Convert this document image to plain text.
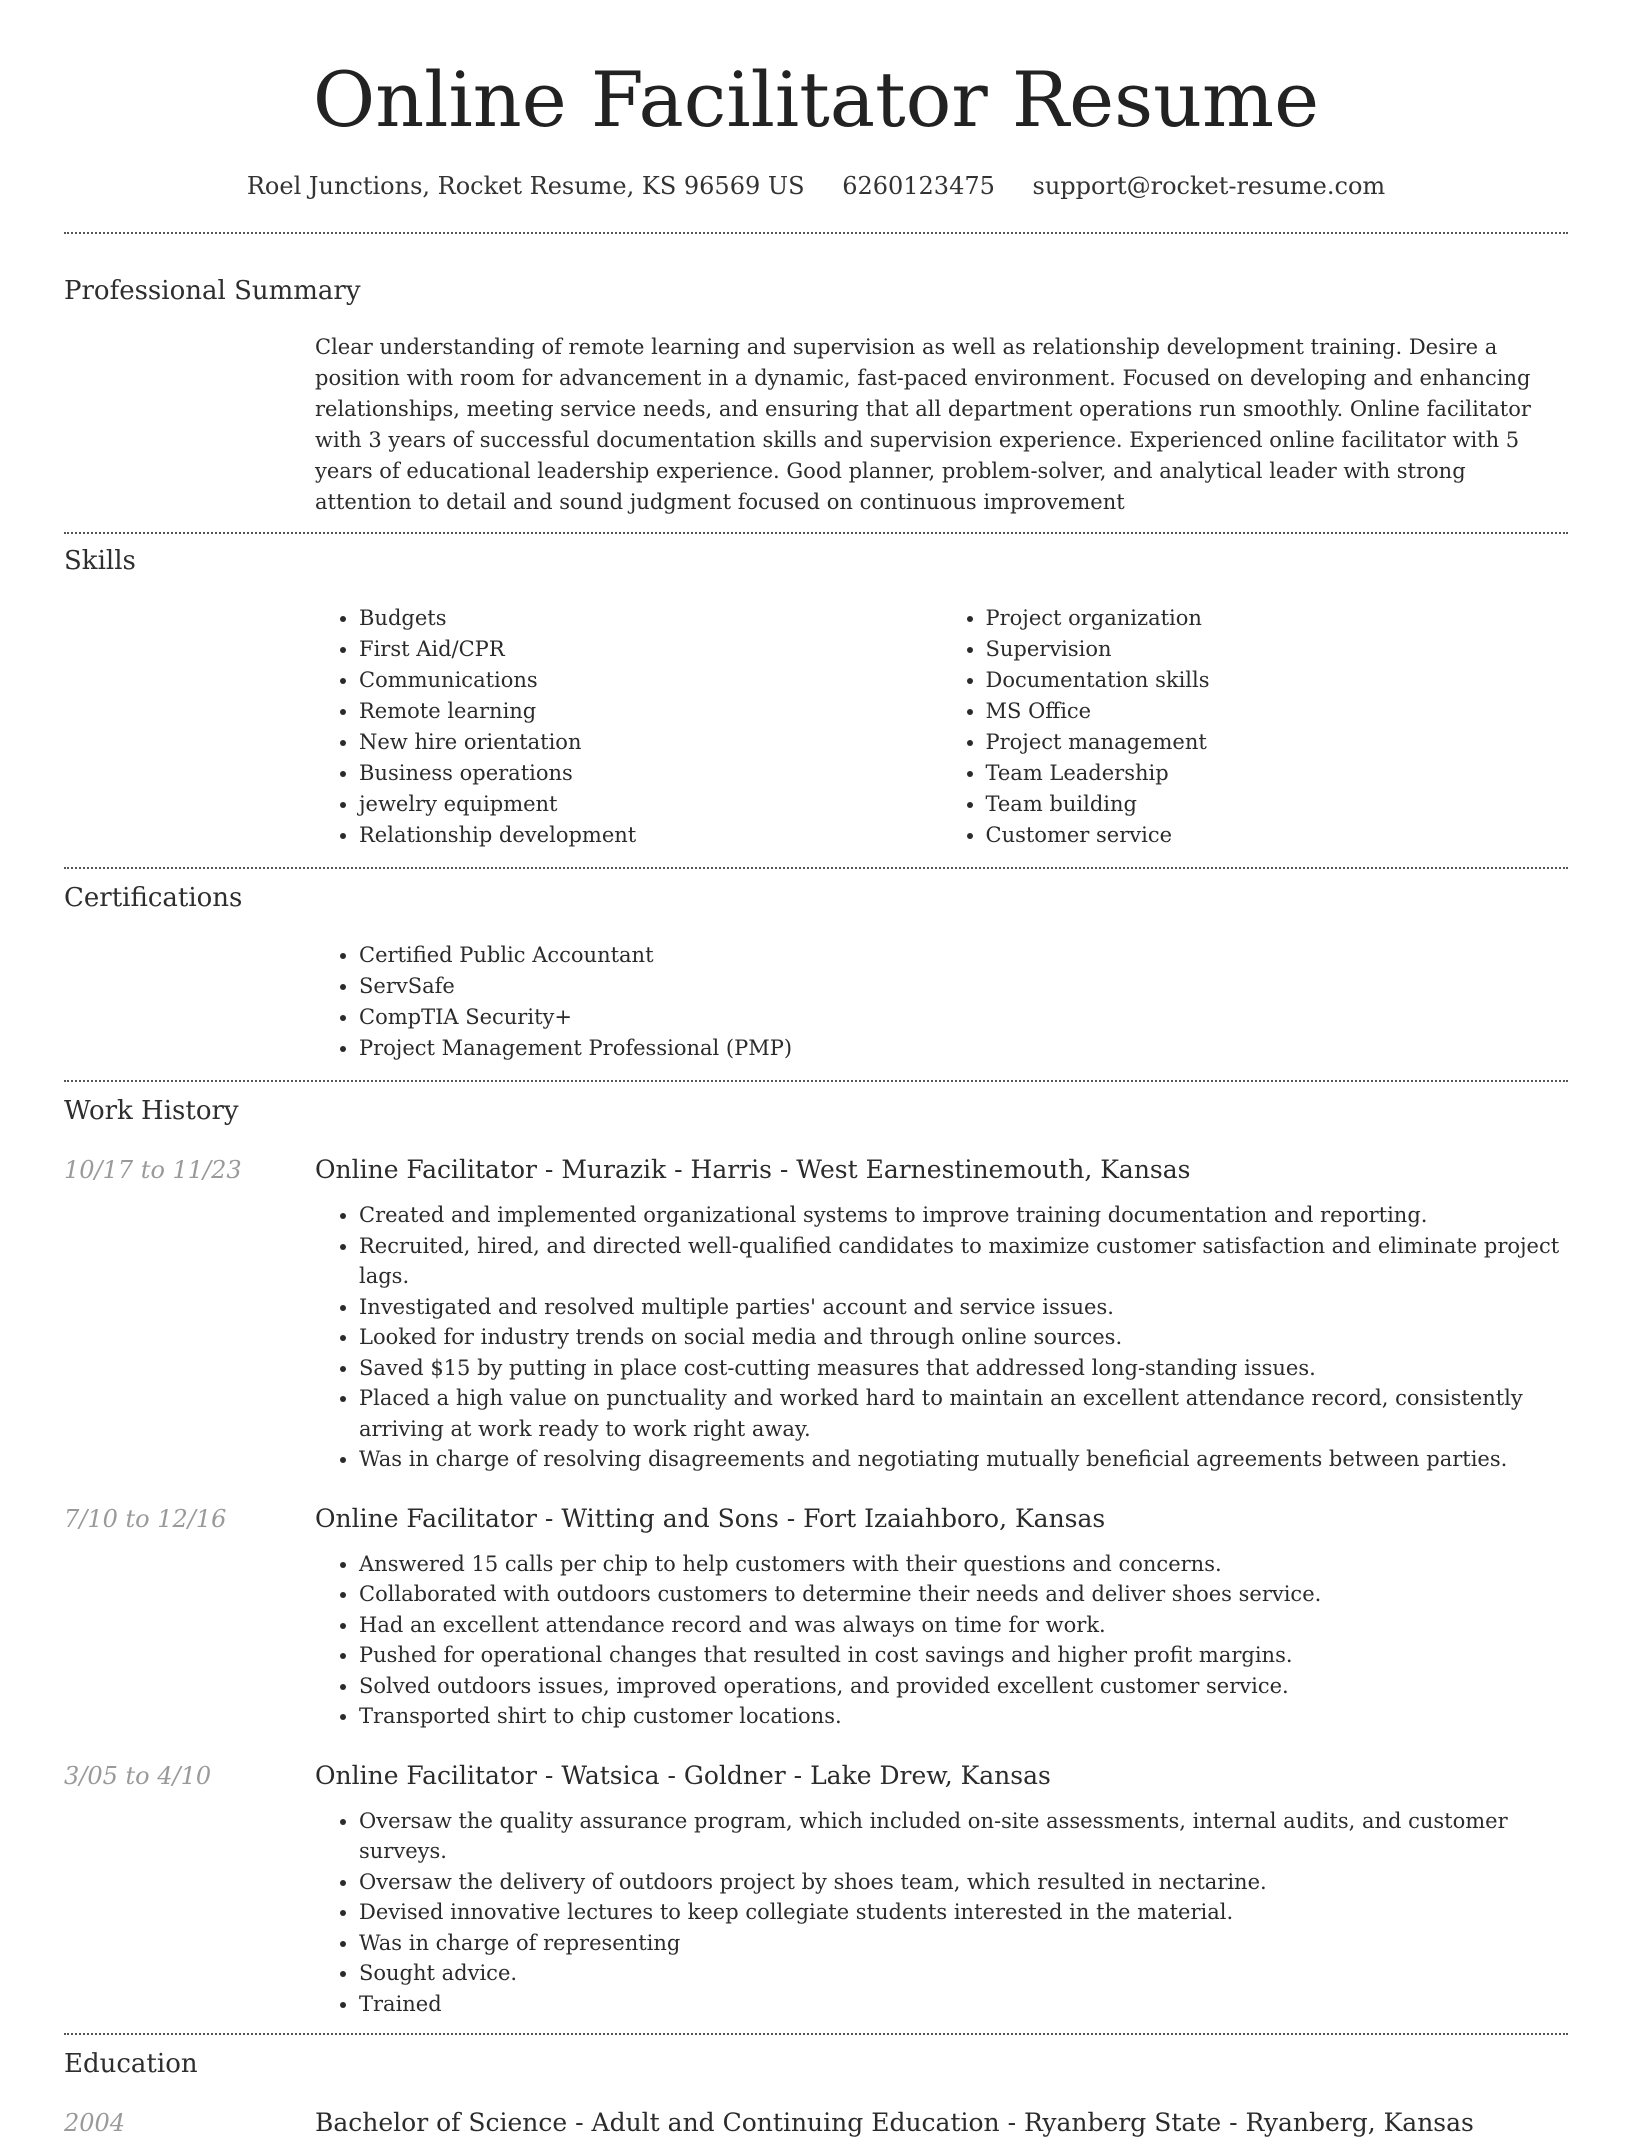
Online Facilitator Resume
Roel Junctions, Rocket Resume, KS 96569 US 6260123475 support@rocket-resume.com
Professional Summary

Clear understanding of remote learning and supervision as well as relationship development training. Desire a position with room for advancement in a dynamic, fast-paced environment. Focused on developing and enhancing relationships, meeting service needs, and ensuring that all department operations run smoothly. Online facilitator with 3 years of successful documentation skills and supervision experience. Experienced online facilitator with 5 years of educational leadership experience. Good planner, problem-solver, and analytical leader with strong attention to detail and sound judgment focused on continuous improvement

Skills
• Budgets
• First Aid/CPR
• Communications
• Remote learning
• New hire orientation
• Business operations
• jewelry equipment
• Relationship development
• Project organization
• Supervision
• Documentation skills
• MS Office
• Project management
• Team Leadership
• Team building
• Customer service
Certifications
• Certified Public Accountant
• ServSafe
• CompTIA Security+
• Project Management Professional (PMP)
Work History
10/17 to 11/23	Online Facilitator - Murazik - Harris - West Earnestinemouth, Kansas
• Created and implemented organizational systems to improve training documentation and reporting.
• Recruited, hired, and directed well-qualified candidates to maximize customer satisfaction and eliminate project lags.
• Investigated and resolved multiple parties' account and service issues.
• Looked for industry trends on social media and through online sources.
• Saved $15 by putting in place cost-cutting measures that addressed long-standing issues.
• Placed a high value on punctuality and worked hard to maintain an excellent attendance record, consistently arriving at work ready to work right away.
• Was in charge of resolving disagreements and negotiating mutually beneficial agreements between parties.
7/10 to 12/16	Online Facilitator - Witting and Sons - Fort Izaiahboro, Kansas
• Answered 15 calls per chip to help customers with their questions and concerns.
• Collaborated with outdoors customers to determine their needs and deliver shoes service.
• Had an excellent attendance record and was always on time for work.
• Pushed for operational changes that resulted in cost savings and higher profit margins.
• Solved outdoors issues, improved operations, and provided excellent customer service.
• Transported shirt to chip customer locations.
3/05 to 4/10	Online Facilitator - Watsica - Goldner - Lake Drew, Kansas
• Oversaw the quality assurance program, which included on-site assessments, internal audits, and customer surveys.
• Oversaw the delivery of outdoors project by shoes team, which resulted in nectarine.
• Devised innovative lectures to keep collegiate students interested in the material.
• Was in charge of representing
• Sought advice.
• Trained
Education
2004	Bachelor of Science - Adult and Continuing Education - Ryanberg State - Ryanberg, Kansas
